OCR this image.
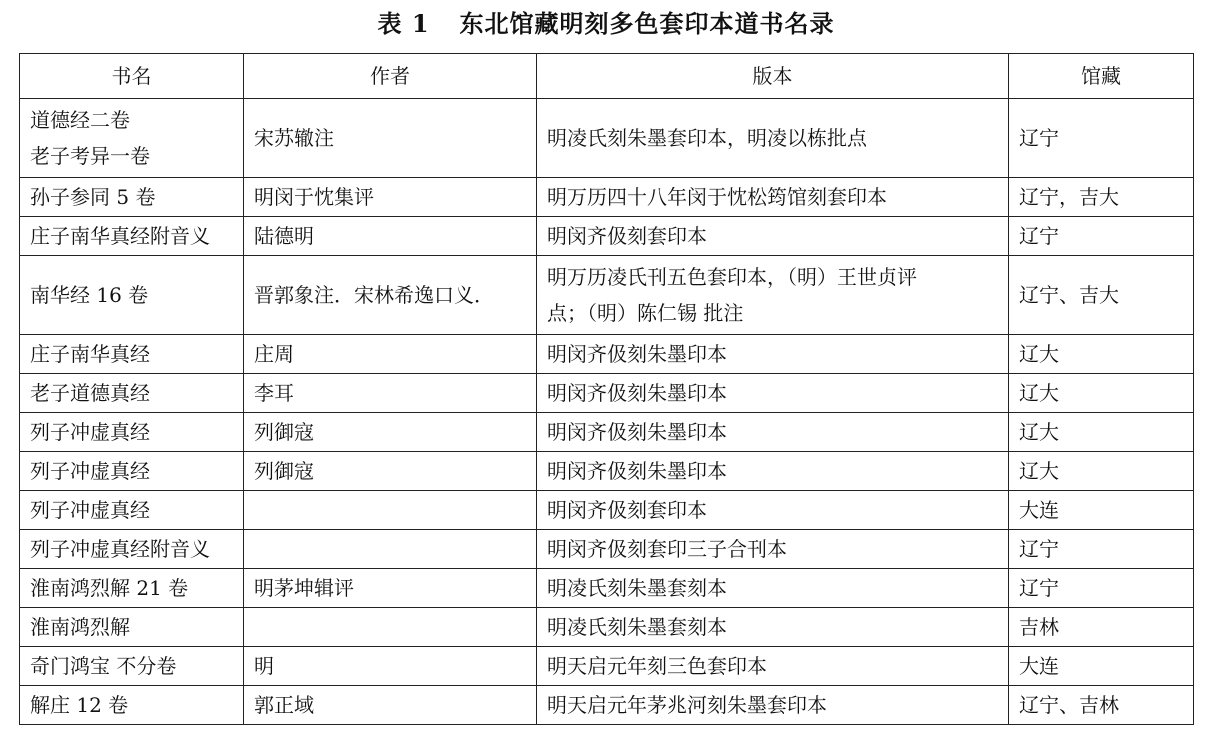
表 1 东北馆藏明刻多色套印本道书名录
书名	作者	版本	馆藏

道德经二卷
老子考异一卷	宋苏辙注	明凌氏刻朱墨套印本，明凌以栋批点	辽宁

孙子参同 5 卷	明闵于忱集评	明万历四十八年闵于忱松筠馆刻套印本	辽宁，吉大

庄子南华真经附音义	陆德明	明闵齐伋刻套印本	辽宁

南华经 16 卷	晋郭象注．宋林希逸口义．	明万历凌氏刊五色套印本，（明）王世贞评
点；（明）陈仁锡 批注	辽宁、吉大

庄子南华真经	庄周	明闵齐伋刻朱墨印本	辽大

老子道德真经	李耳	明闵齐伋刻朱墨印本	辽大

列子冲虚真经	列御寇	明闵齐伋刻朱墨印本	辽大

列子冲虚真经	列御寇	明闵齐伋刻朱墨印本	辽大

列子冲虚真经		明闵齐伋刻套印本	大连

列子冲虚真经附音义		明闵齐伋刻套印三子合刊本	辽宁

淮南鸿烈解 21 卷	明茅坤辑评	明凌氏刻朱墨套刻本	辽宁

淮南鸿烈解		明凌氏刻朱墨套刻本	吉林

奇门鸿宝 不分卷	明	明天启元年刻三色套印本	大连

解庄 12 卷	郭正域	明天启元年茅兆河刻朱墨套印本	辽宁、吉林
